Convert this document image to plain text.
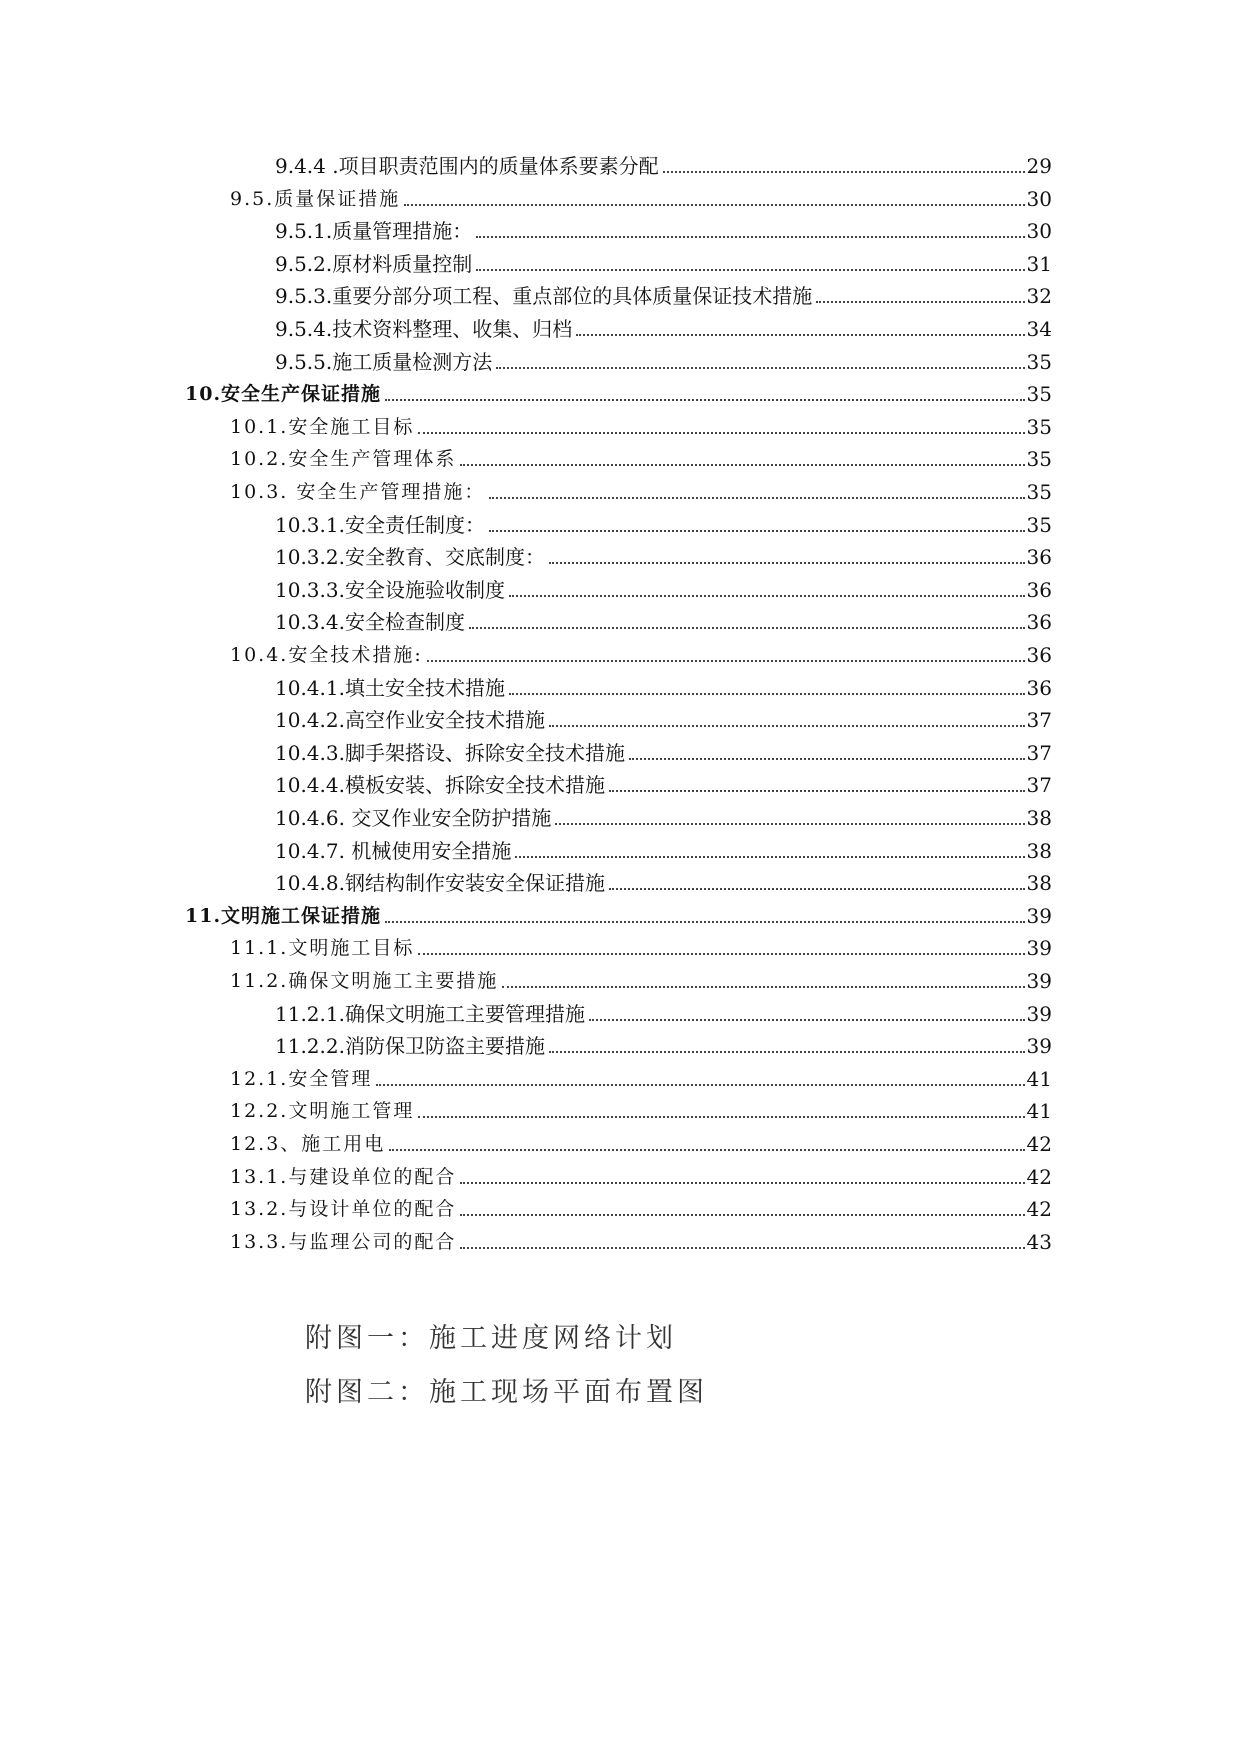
9.4.4 .项目职责范围内的质量体系要素分配	29
9.5.质量保证措施	30
9.5.1.质量管理措施：	30
9.5.2.原材料质量控制	31
9.5.3.重要分部分项工程、重点部位的具体质量保证技术措施	32
9.5.4.技术资料整理、收集、归档	34
9.5.5.施工质量检测方法	35
10.安全生产保证措施	35
10.1.安全施工目标	35
10.2.安全生产管理体系	35
10.3. 安全生产管理措施：	35
10.3.1.安全责任制度：	35
10.3.2.安全教育、交底制度：	36
10.3.3.安全设施验收制度	36
10.3.4.安全检查制度	36
10.4.安全技术措施:	36
10.4.1.填土安全技术措施	36
10.4.2.高空作业安全技术措施	37
10.4.3.脚手架搭设、拆除安全技术措施	37
10.4.4.模板安装、拆除安全技术措施	37
10.4.6. 交叉作业安全防护措施	38
10.4.7. 机械使用安全措施	38
10.4.8.钢结构制作安装安全保证措施	38
11.文明施工保证措施	39
11.1.文明施工目标	39
11.2.确保文明施工主要措施	39
11.2.1.确保文明施工主要管理措施	39
11.2.2.消防保卫防盗主要措施	39
12.1.安全管理	41
12.2.文明施工管理	41
12.3、施工用电	42
13.1.与建设单位的配合	42
13.2.与设计单位的配合	42
13.3.与监理公司的配合	43
附图一：施工进度网络计划
附图二：施工现场平面布置图
